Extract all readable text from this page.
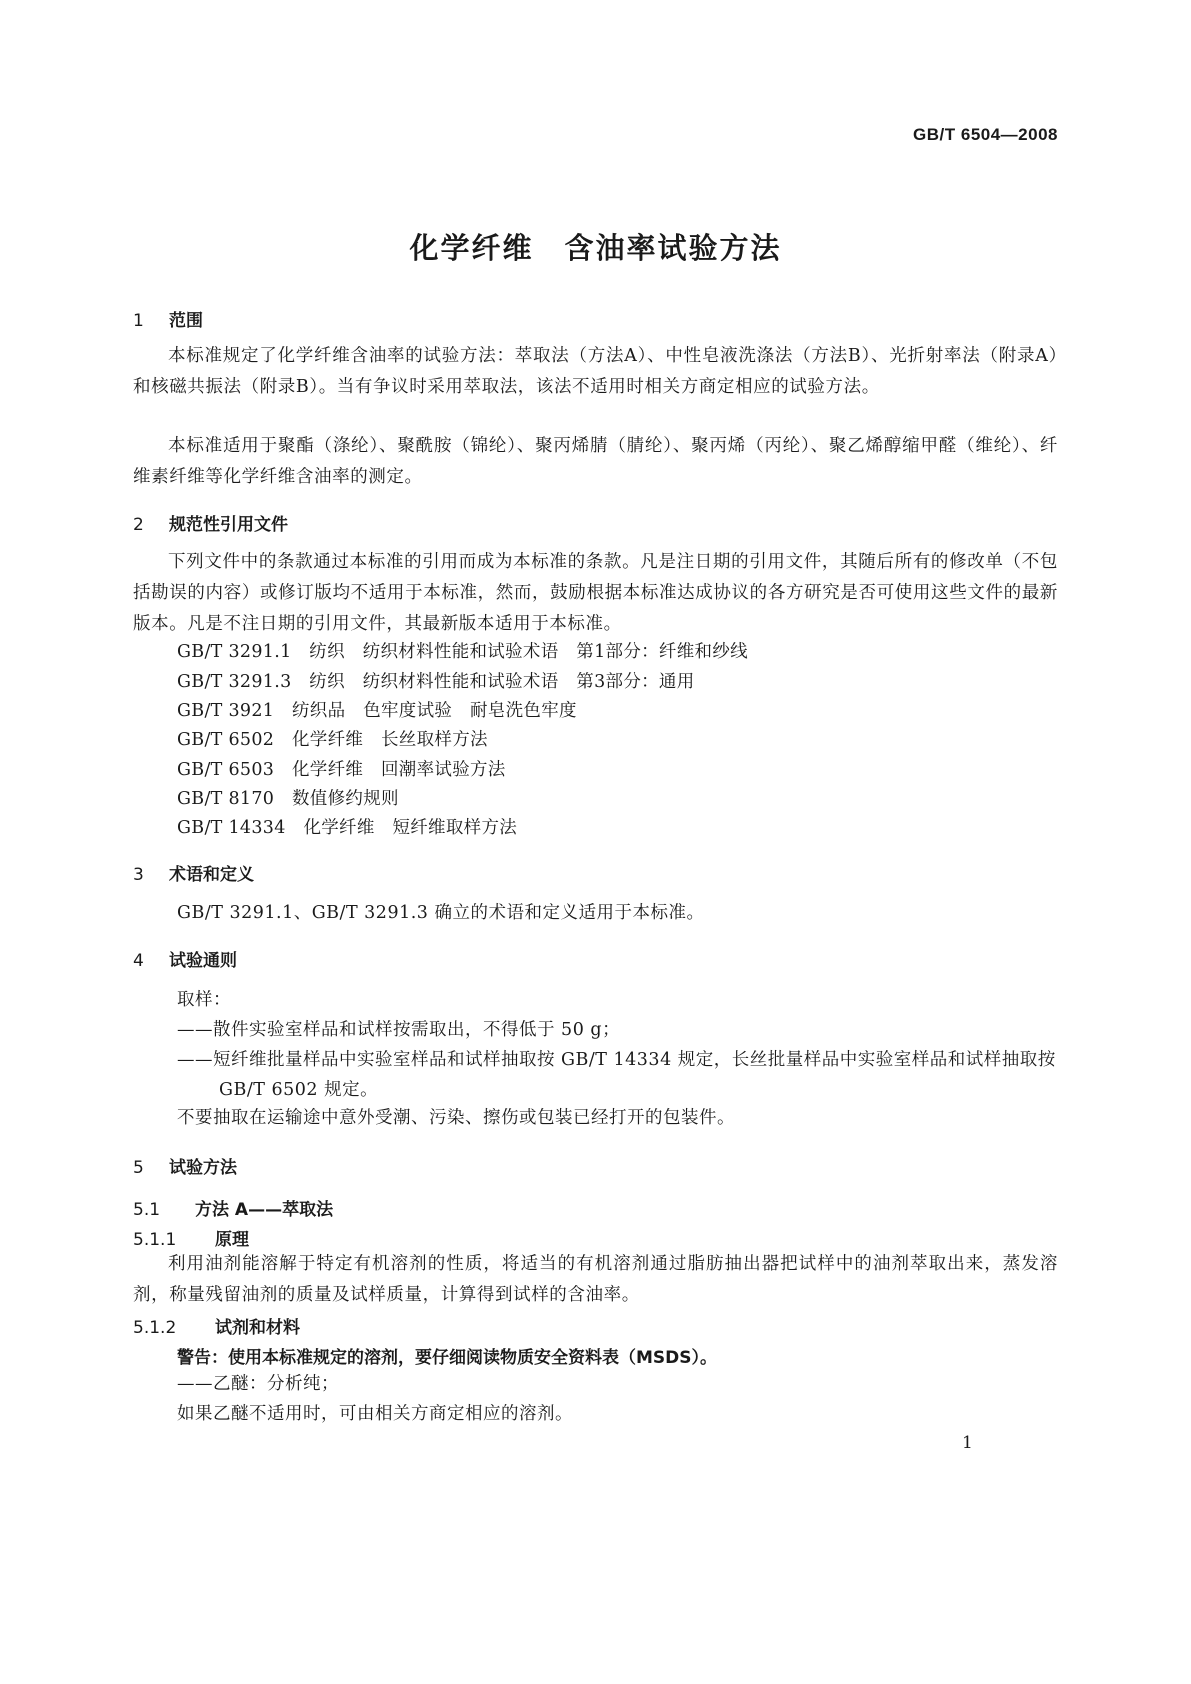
GB/T 6504—2008
化学纤维　含油率试验方法
1 范围
本标准规定了化学纤维含油率的试验方法：萃取法（方法A）、中性皂液洗涤法（方法B）、光折射率法（附录A）和核磁共振法（附录B）。当有争议时采用萃取法，该法不适用时相关方商定相应的试验方法。
本标准适用于聚酯（涤纶）、聚酰胺（锦纶）、聚丙烯腈（腈纶）、聚丙烯（丙纶）、聚乙烯醇缩甲醛（维纶）、纤维素纤维等化学纤维含油率的测定。
2 规范性引用文件
下列文件中的条款通过本标准的引用而成为本标准的条款。凡是注日期的引用文件，其随后所有的修改单（不包括勘误的内容）或修订版均不适用于本标准，然而，鼓励根据本标准达成协议的各方研究是否可使用这些文件的最新版本。凡是不注日期的引用文件，其最新版本适用于本标准。
GB/T 3291.1　纺织　纺织材料性能和试验术语　第1部分：纤维和纱线
GB/T 3291.3　纺织　纺织材料性能和试验术语　第3部分：通用
GB/T 3921　纺织品　色牢度试验　耐皂洗色牢度
GB/T 6502　化学纤维　长丝取样方法
GB/T 6503　化学纤维　回潮率试验方法
GB/T 8170　数值修约规则
GB/T 14334　化学纤维　短纤维取样方法
3 术语和定义
GB/T 3291.1、GB/T 3291.3 确立的术语和定义适用于本标准。
4 试验通则
取样：
——散件实验室样品和试样按需取出，不得低于 50 g；
——短纤维批量样品中实验室样品和试样抽取按 GB/T 14334 规定，长丝批量样品中实验室样品和试样抽取按 GB/T 6502 规定。
不要抽取在运输途中意外受潮、污染、擦伤或包装已经打开的包装件。
5 试验方法
5.1 方法 A——萃取法
5.1.1 原理
利用油剂能溶解于特定有机溶剂的性质，将适当的有机溶剂通过脂肪抽出器把试样中的油剂萃取出来，蒸发溶剂，称量残留油剂的质量及试样质量，计算得到试样的含油率。
5.1.2 试剂和材料
警告：使用本标准规定的溶剂，要仔细阅读物质安全资料表（MSDS）。
——乙醚：分析纯；
如果乙醚不适用时，可由相关方商定相应的溶剂。
1
